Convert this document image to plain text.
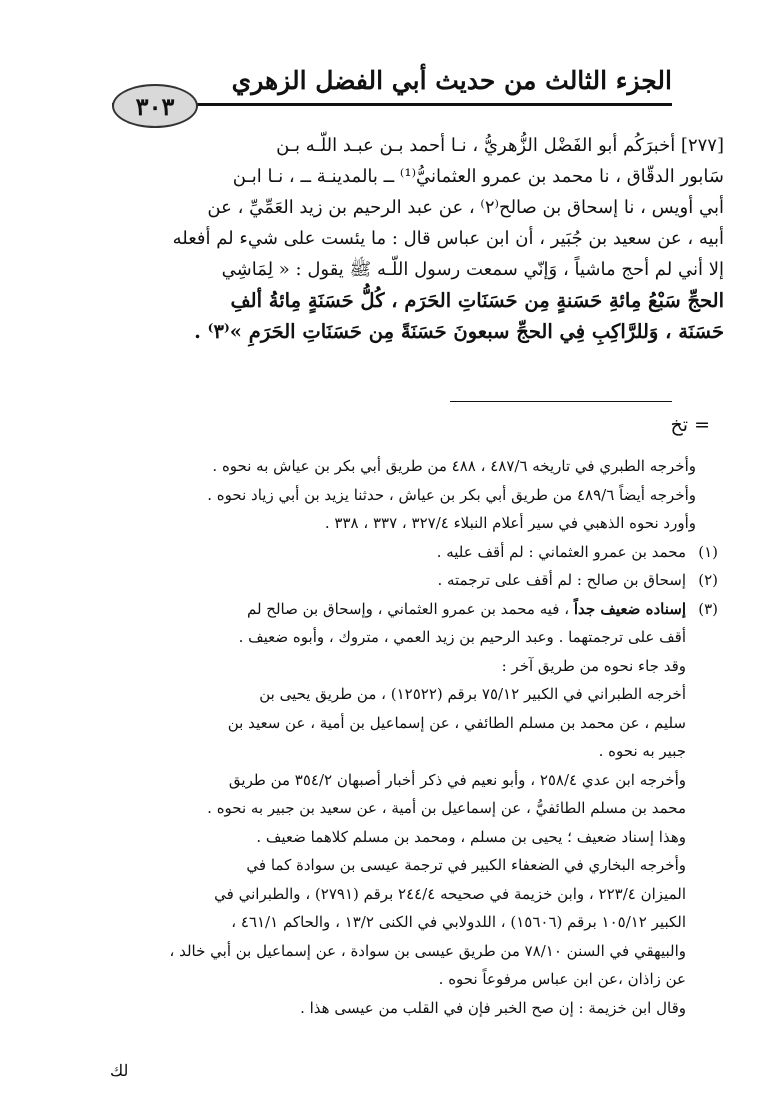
الجزء الثالث من حديث أبي الفضل الزهري
٣٠٣

[٢٧٧] أخبرَكُم أبو الفَضْل الزُّهريُّ ، نـا أحمد بـن عبـد اللّـه بـن

سَابور الدقّاق ، نا محمد بن عمرو العثمانيُّ⁽¹⁾ ــ بالمدينـة ــ ، نـا ابـن

أبي أويس ، نا إسحاق بن صالح⁽٢⁾ ، عن عبد الرحيم بن زيد العَمِّيِّ ، عن

أبيه ، عن سعيد بن جُبَير ، أن ابن عباس قال : ما يئست على شيء لم أفعله

إلا أني لم أحج ماشياً ، وَإنّي سمعت رسول اللّـه ﷺ يقول : « لِمَاشِي

الحجِّ سَبْعُ مِائةِ حَسَنةٍ مِن حَسَنَاتِ الحَرَم ، كُلُّ حَسَنَةٍ مِائةُ ألفِ

حَسَنَة ، وَللرَّاكِبِ فِي الحجِّ سبعونَ حَسَنَةً مِن حَسَنَاتِ الحَرَمِ »⁽٣⁾ .

= تخ
وأخرجه الطبري في تاريخه ٤٨٧/٦ ، ٤٨٨ من طريق أبي بكر بن عياش به نحوه .
وأخرجه أيضاً ٤٨٩/٦ من طريق أبي بكر بن عياش ، حدثنا يزيد بن أبي زياد نحوه .
وأورد نحوه الذهبي في سير أعلام النبلاء ٣٢٧/٤ ، ٣٣٧ ، ٣٣٨ .
(١)
محمد بن عمرو العثماني : لم أقف عليه .
(٢)
إسحاق بن صالح : لم أقف على ترجمته .
(٣)
إسناده ضعيف جداً ، فيه محمد بن عمرو العثماني ، وإسحاق بن صالح لم
أقف على ترجمتهما . وعبد الرحيم بن زيد العمي ، متروك ، وأبوه ضعيف .
وقد جاء نحوه من طريق آخر :
أخرجه الطبراني في الكبير ٧٥/١٢ برقم (١٢٥٢٢) ، من طريق يحيى بن
سليم ، عن محمد بن مسلم الطائفي ، عن إسماعيل بن أمية ، عن سعيد بن
جبير به نحوه .
وأخرجه ابن عدي ٢٥٨/٤ ، وأبو نعيم في ذكر أخبار أصبهان ٣٥٤/٢ من طريق
محمد بن مسلم الطائفيُّ ، عن إسماعيل بن أمية ، عن سعيد بن جبير به نحوه .
وهذا إسناد ضعيف ؛ يحيى بن مسلم ، ومحمد بن مسلم كلاهما ضعيف .
وأخرجه البخاري في الضعفاء الكبير في ترجمة عيسى بن سوادة كما في
الميزان ٢٢٣/٤ ، وابن خزيمة في صحيحه ٢٤٤/٤ برقم (٢٧٩١) ، والطبراني في
الكبير ١٠٥/١٢ برقم (١٥٦٠٦) ، اللدولابي في الكنى ١٣/٢ ، والحاكم ٤٦١/١ ،
والبيهقي في السنن ٧٨/١٠ من طريق عيسى بن سوادة ، عن إسماعيل بن أبي خالد ،
عن زاذان ،عن ابن عباس مرفوعاً نحوه .
وقال ابن خزيمة : إن صح الخبر فإن في القلب من عيسى هذا .
لك
